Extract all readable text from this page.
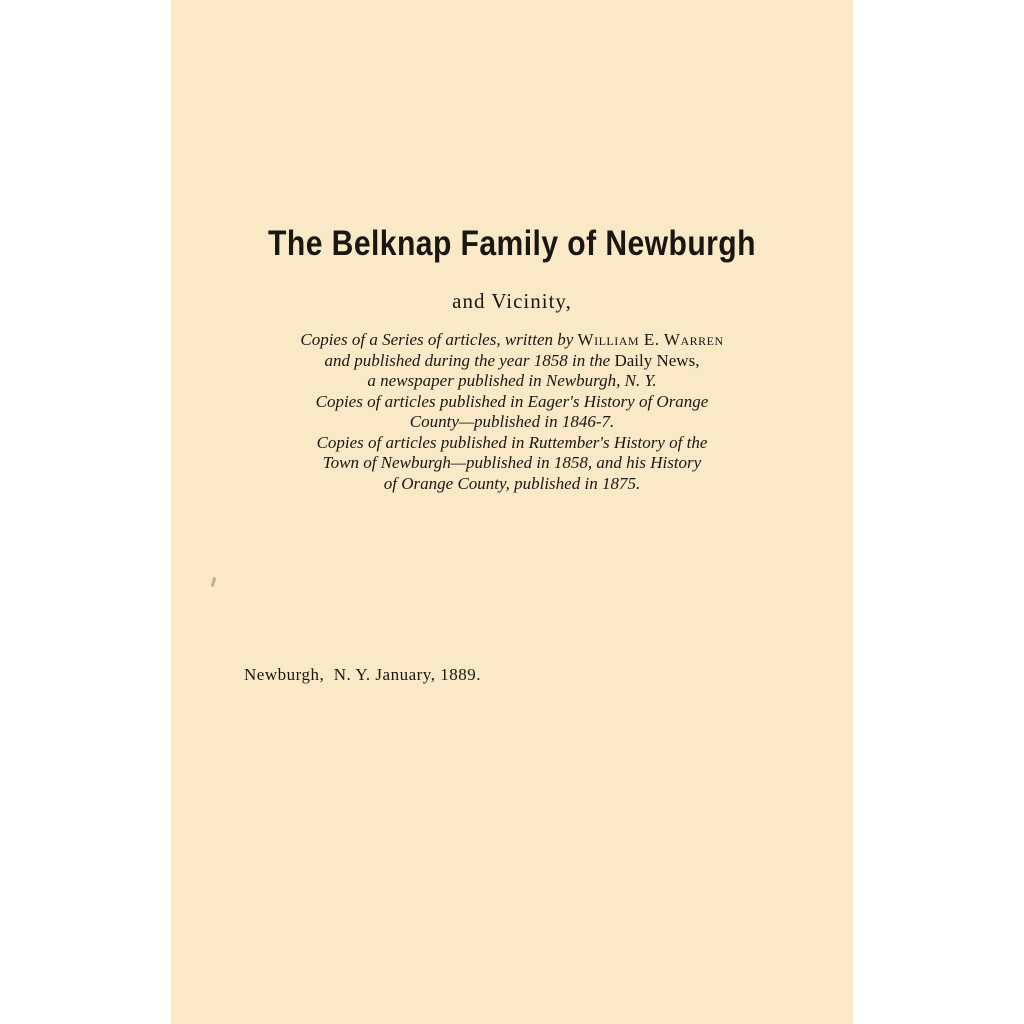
The Belknap Family of Newburgh
and Vicinity,
Copies of a Series of articles, written by William E. Warren
and published during the year 1858 in the Daily News,
a newspaper published in Newburgh, N. Y.
Copies of articles published in Eager's History of Orange
County—published in 1846-7.
Copies of articles published in Ruttember's History of the
Town of Newburgh—published in 1858, and his History
of Orange County, published in 1875.
Newburgh,  N. Y. January, 1889.
